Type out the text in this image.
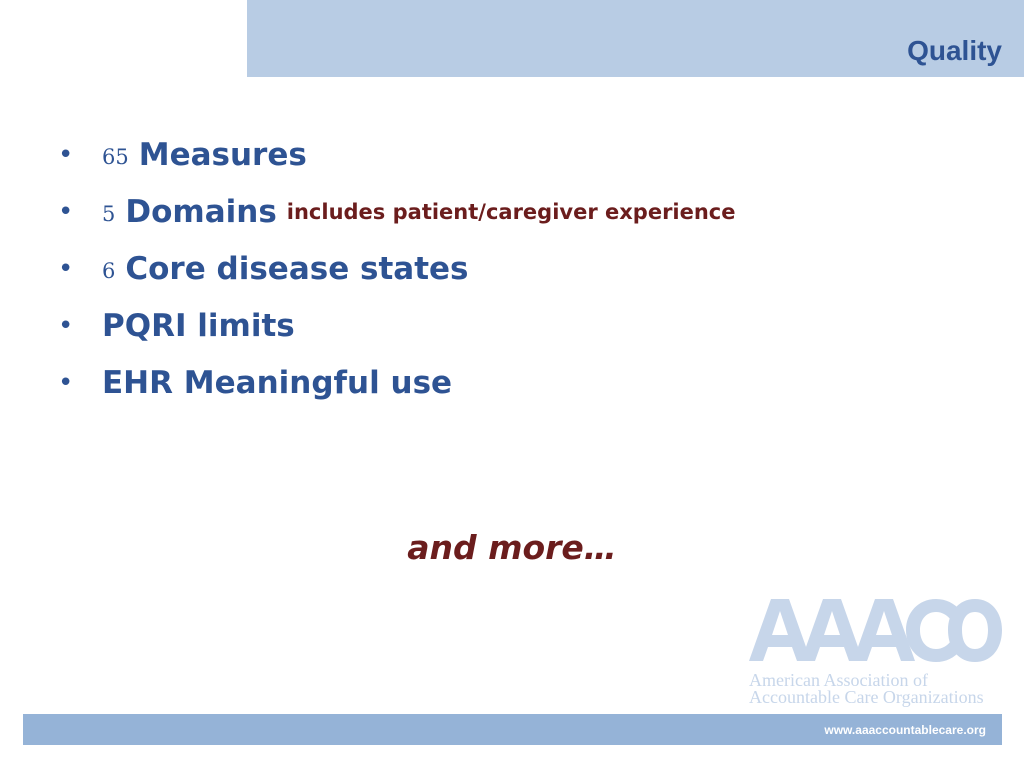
Quality
•	65 Measures
•	5 Domains includes patient/caregiver experience
•	6 Core disease states
• PQRI limits
• EHR Meaningful use
and more…
American Association of
Accountable Care Organizations
www.aaaccountablecare.org
